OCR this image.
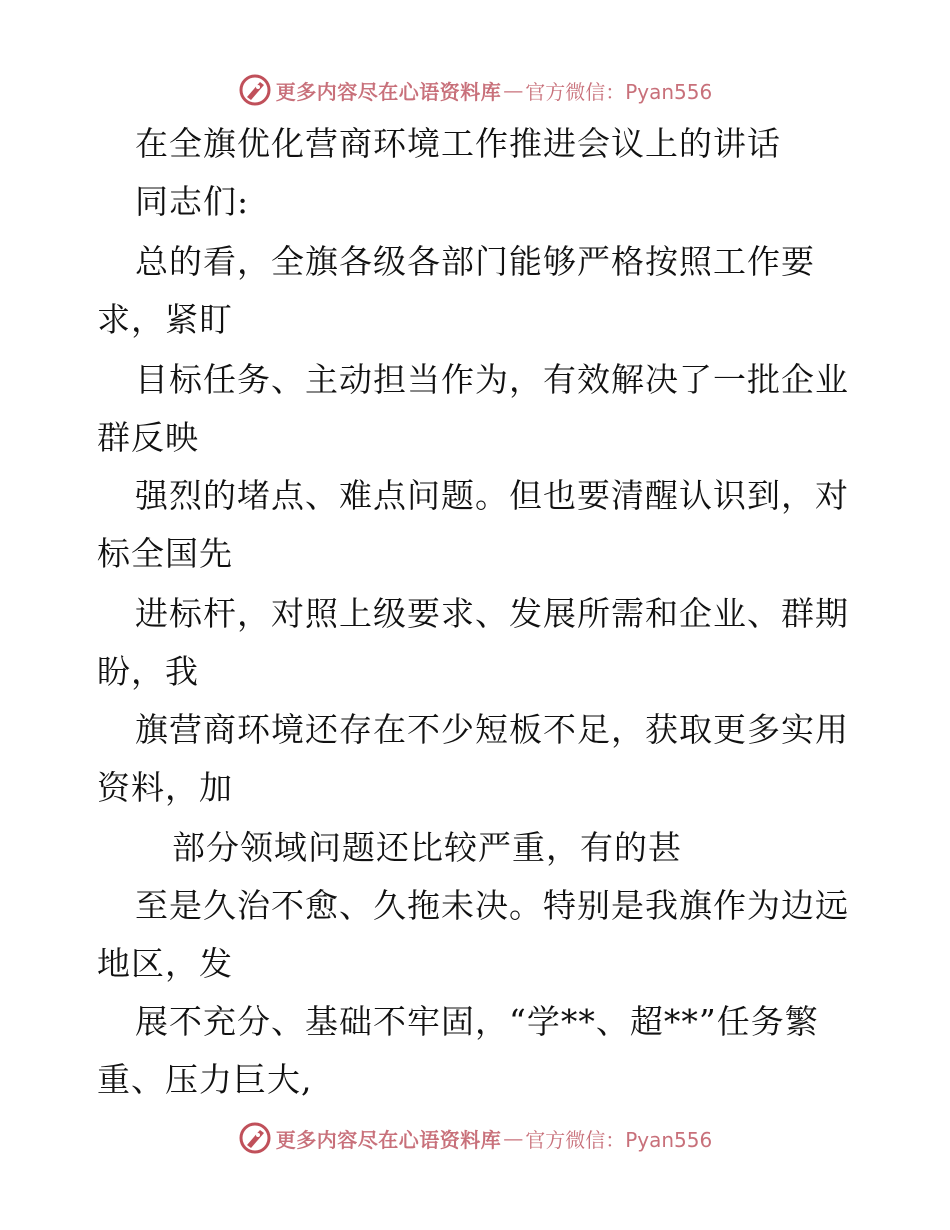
更多内容尽在心语资料库 — 官方微信：Pyan556
在全旗优化营商环境工作推进会议上的讲话
同志们:
总的看，全旗各级各部门能够严格按照工作要
求，紧盯
目标任务、主动担当作为，有效解决了一批企业
群反映
强烈的堵点、难点问题。但也要清醒认识到，对
标全国先
进标杆，对照上级要求、发展所需和企业、群期
盼，我
旗营商环境还存在不少短板不足，获取更多实用
资料，加
部分领域问题还比较严重，有的甚
至是久治不愈、久拖未决。特别是我旗作为边远
地区，发
展不充分、基础不牢固，“学**、超**”任务繁
重、压力巨大,
更多内容尽在心语资料库 — 官方微信：Pyan556
